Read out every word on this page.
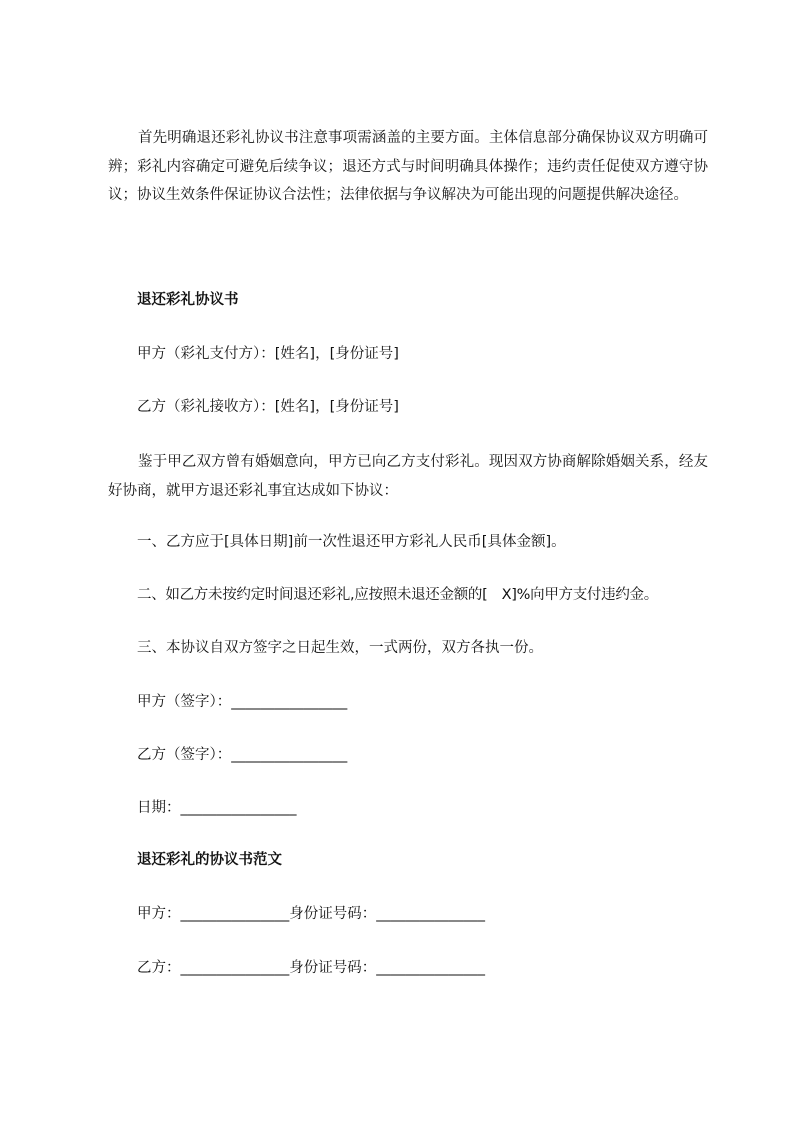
首先明确退还彩礼协议书注意事项需涵盖的主要方面。主体信息部分确保协议双方明确可辨；彩礼内容确定可避免后续争议；退还方式与时间明确具体操作；违约责任促使双方遵守协议；协议生效条件保证协议合法性；法律依据与争议解决为可能出现的问题提供解决途径。
退还彩礼协议书
甲方（彩礼支付方）：[姓名]，[身份证号]
乙方（彩礼接收方）：[姓名]，[身份证号]
鉴于甲乙双方曾有婚姻意向，甲方已向乙方支付彩礼。现因双方协商解除婚姻关系，经友好协商，就甲方退还彩礼事宜达成如下协议：
一、乙方应于[具体日期]前一次性退还甲方彩礼人民币[具体金额]。
二、如乙方未按约定时间退还彩礼,应按照未退还金额的[　X]%向甲方支付违约金。
三、本协议自双方签字之日起生效，一式两份，双方各执一份。
甲方（签字）：________________
乙方（签字）：________________
日期：________________
退还彩礼的协议书范文
甲方：_______________身份证号码：_______________
乙方：_______________身份证号码：_______________
